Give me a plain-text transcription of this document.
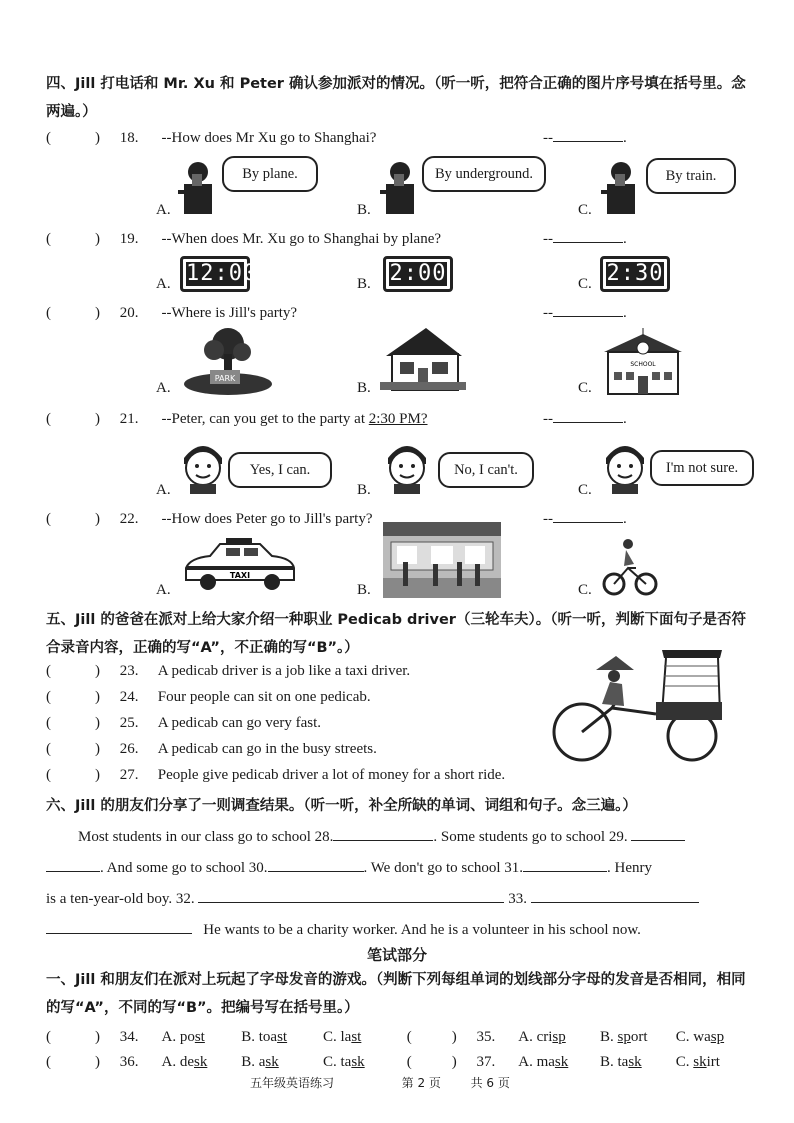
四、Jill 打电话和 Mr. Xu 和 Peter 确认参加派对的情况。（听一听，把符合正确的图片序号填在括号里。念两遍。）
(	) 18. --How does Mr Xu go to Shanghai?	--	.
A.
By plane.
B.
By underground.
C.
By train.
(	) 19. --When does Mr. Xu go to Shanghai by plane?	--	.
A. 12:00	B. 2:00	C. 2:30
(	) 20. --Where is Jill's party?	--	.
A.
PARK
B.	C.
SCHOOL
(	) 21. --Peter, can you get to the party at 2:30 PM?	--	.
A.
Yes, I can.
B.
No, I can't.
C.
I'm not sure.
(	) 22. --How does Peter go to Jill's party?	--	.
A.
TAXI
B.	C.
五、Jill 的爸爸在派对上给大家介绍一种职业 Pedicab driver（三轮车夫）。（听一听，判断下面句子是否符合录音内容，正确的写“A”，不正确的写“B”。）
(	) 23. A pedicab driver is a job like a taxi driver.
(	) 24. Four people can sit on one pedicab.
(	) 25. A pedicab can go very fast.
(	) 26. A pedicab can go in the busy streets.
(	) 27. People give pedicab driver a lot of money for a short ride.
六、Jill 的朋友们分享了一则调查结果。（听一听，补全所缺的单词、词组和句子。念三遍。）
Most students in our class go to school 28.	. Some students go to school 29.
. And some go to school 30.	. We don't go to school 31.	. Henry
is a ten-year-old boy. 32.	33.
He wants to be a charity worker. And he is a volunteer in his school now.
笔试部分
一、Jill 和朋友们在派对上玩起了字母发音的游戏。（判断下列每组单词的划线部分字母的发音是否相同，相同的写“A”，不同的写“B”。把编号写在括号里。）
(	) 34. A. post B. toast C. last	(	) 35. A. crisp B. sport C. wasp
(	) 36. A. desk B. ask	C. task	(	) 37. A. mask B. task C. skirt
五年级英语练习	第 2 页 共 6 页
